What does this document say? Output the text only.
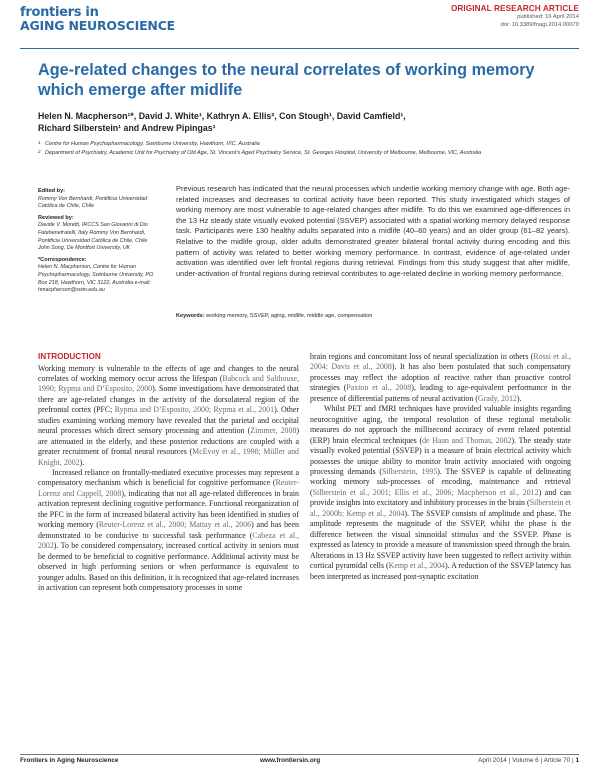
frontiers in
AGING NEUROSCIENCE
ORIGINAL RESEARCH ARTICLE
published: 16 April 2014
doi: 10.3389/fnagi.2014.00070
Age-related changes to the neural correlates of working memory which emerge after midlife
Helen N. Macpherson¹*, David J. White¹, Kathryn A. Ellis², Con Stough¹, David Camfield¹,
Richard Silberstein¹ and Andrew Pipingas¹
1 Centre for Human Psychopharmacology, Swinburne University, Hawthorn, VIC, Australia
2 Department of Psychiatry, Academic Unit for Psychiatry of Old Age, St. Vincent's Aged Psychiatry Service, St. Georges Hospital, University of Melbourne, Melbourne, VIC, Australia
Edited by:
Rommy Von Bernhardi, Pontificia Universidad Católica de Chile, Chile
Reviewed by:
Davide V. Moretti, IRCCS San Giovanni di Dio Fatebenefratelli, Italy Rommy Von Bernhardi, Pontificia Universidad Católica de Chile, Chile John Song, De Montfort University, UK
*Correspondence:
Helen N. Macpherson, Centre for Human Psychopharmacology, Swinburne University, PO Box 218, Hawthorn, VIC 3122, Australia e-mail: hmacpherson@swin.edu.au
Previous research has indicated that the neural processes which underlie working memory change with age. Both age-related increases and decreases to cortical activity have been reported. This study investigated which stages of working memory are most vulnerable to age-related changes after midlife. To do this we examined age-differences in the 13 Hz steady state visually evoked potential (SSVEP) associated with a spatial working memory delayed response task. Participants were 130 healthy adults separated into a midlife (40–60 years) and an older group (61–82 years). Relative to the midlife group, older adults demonstrated greater bilateral frontal activity during encoding and this pattern of activity was related to better working memory performance. In contrast, evidence of age-related under activation was identified over left frontal regions during retrieval. Findings from this study suggest that after midlife, under-activation of frontal regions during retrieval contributes to age-related decline in working memory performance.
Keywords: working memory, SSVEP, aging, midlife, middle age, compensation
INTRODUCTION

Working memory is vulnerable to the effects of age and changes to the neural correlates of working memory occur across the lifespan (Babcock and Salthouse, 1990; Rypma and D’Esposito, 2000). Some investigations have demonstrated that there are age-related changes in the activity of the dorsolateral region of the prefrontal cortex (PFC; Rypma and D’Esposito, 2000; Rypma et al., 2001). Other studies examining working memory have revealed that the parietal and occipital neural processes which direct sensory processing and attention (Zimmer, 2008) are attenuated in the elderly, and these posterior reductions are coupled with a greater recruitment of frontal neural resources (McEvoy et al., 1998; Müller and Knight, 2002).

Increased reliance on frontally-mediated executive processes may represent a compensatory mechanism which is beneficial for cognitive performance (Reuter-Lorenz and Cappell, 2008), indicating that not all age-related differences in brain activation represent declining cognitive performance. Functional reorganization of the PFC in the form of increased bilateral activity has been identified in studies of working memory (Reuter-Lorenz et al., 2000; Mattay et al., 2006) and has been demonstrated to be conducive to successful task performance (Cabeza et al., 2002). To be considered compensatory, increased cortical activity in seniors must be deemed to be beneficial to cognitive performance. Additional activity must be observed in high performing seniors or when performance is equivalent to younger adults. Based on this definition, it is recognized that age-related increases in activation can represent both compensatory processes in some

brain regions and concomitant loss of neural specialization in others (Rossi et al., 2004; Davis et al., 2008). It has also been postulated that such compensatory processes may reflect the adoption of reactive rather than proactive control strategies (Paxton et al., 2008), leading to age-equivalent performance in the presence of differential patterns of neural activation (Grady, 2012).

Whilst PET and fMRI techniques have provided valuable insights regarding neurocognitive aging, the temporal resolution of these regional metabolic measures do not approach the millisecond accuracy of event related potential (ERP) brain electrical techniques (de Haan and Thomas, 2002). The steady state visually evoked potential (SSVEP) is a measure of brain electrical activity which possesses the unique ability to monitor brain activity associated with ongoing processing demands (Silberstein, 1995). The SSVEP is capable of delineating working memory sub-processes of encoding, maintenance and retrieval (Silberstein et al., 2001; Ellis et al., 2006; Macpherson et al., 2012) and can provide insights into excitatory and inhibitory processes in the brain (Silberstein et al., 2000b; Kemp et al., 2004). The SSVEP consists of amplitude and phase. The amplitude represents the magnitude of the SSVEP, whilst the phase is the difference between the visual sinusoidal stimulus and the SSVEP. Phase is expressed as latency to provide a measure of transmission speed through the brain. Alterations in 13 Hz SSVEP activity have been suggested to reflect activity within cortical pyramidal cells (Kemp et al., 2004). A reduction of the SSVEP latency has been interpreted as increased post-synaptic excitation

Frontiers in Aging Neuroscience	www.frontiersin.org	April 2014 | Volume 6 | Article 70 | 1
